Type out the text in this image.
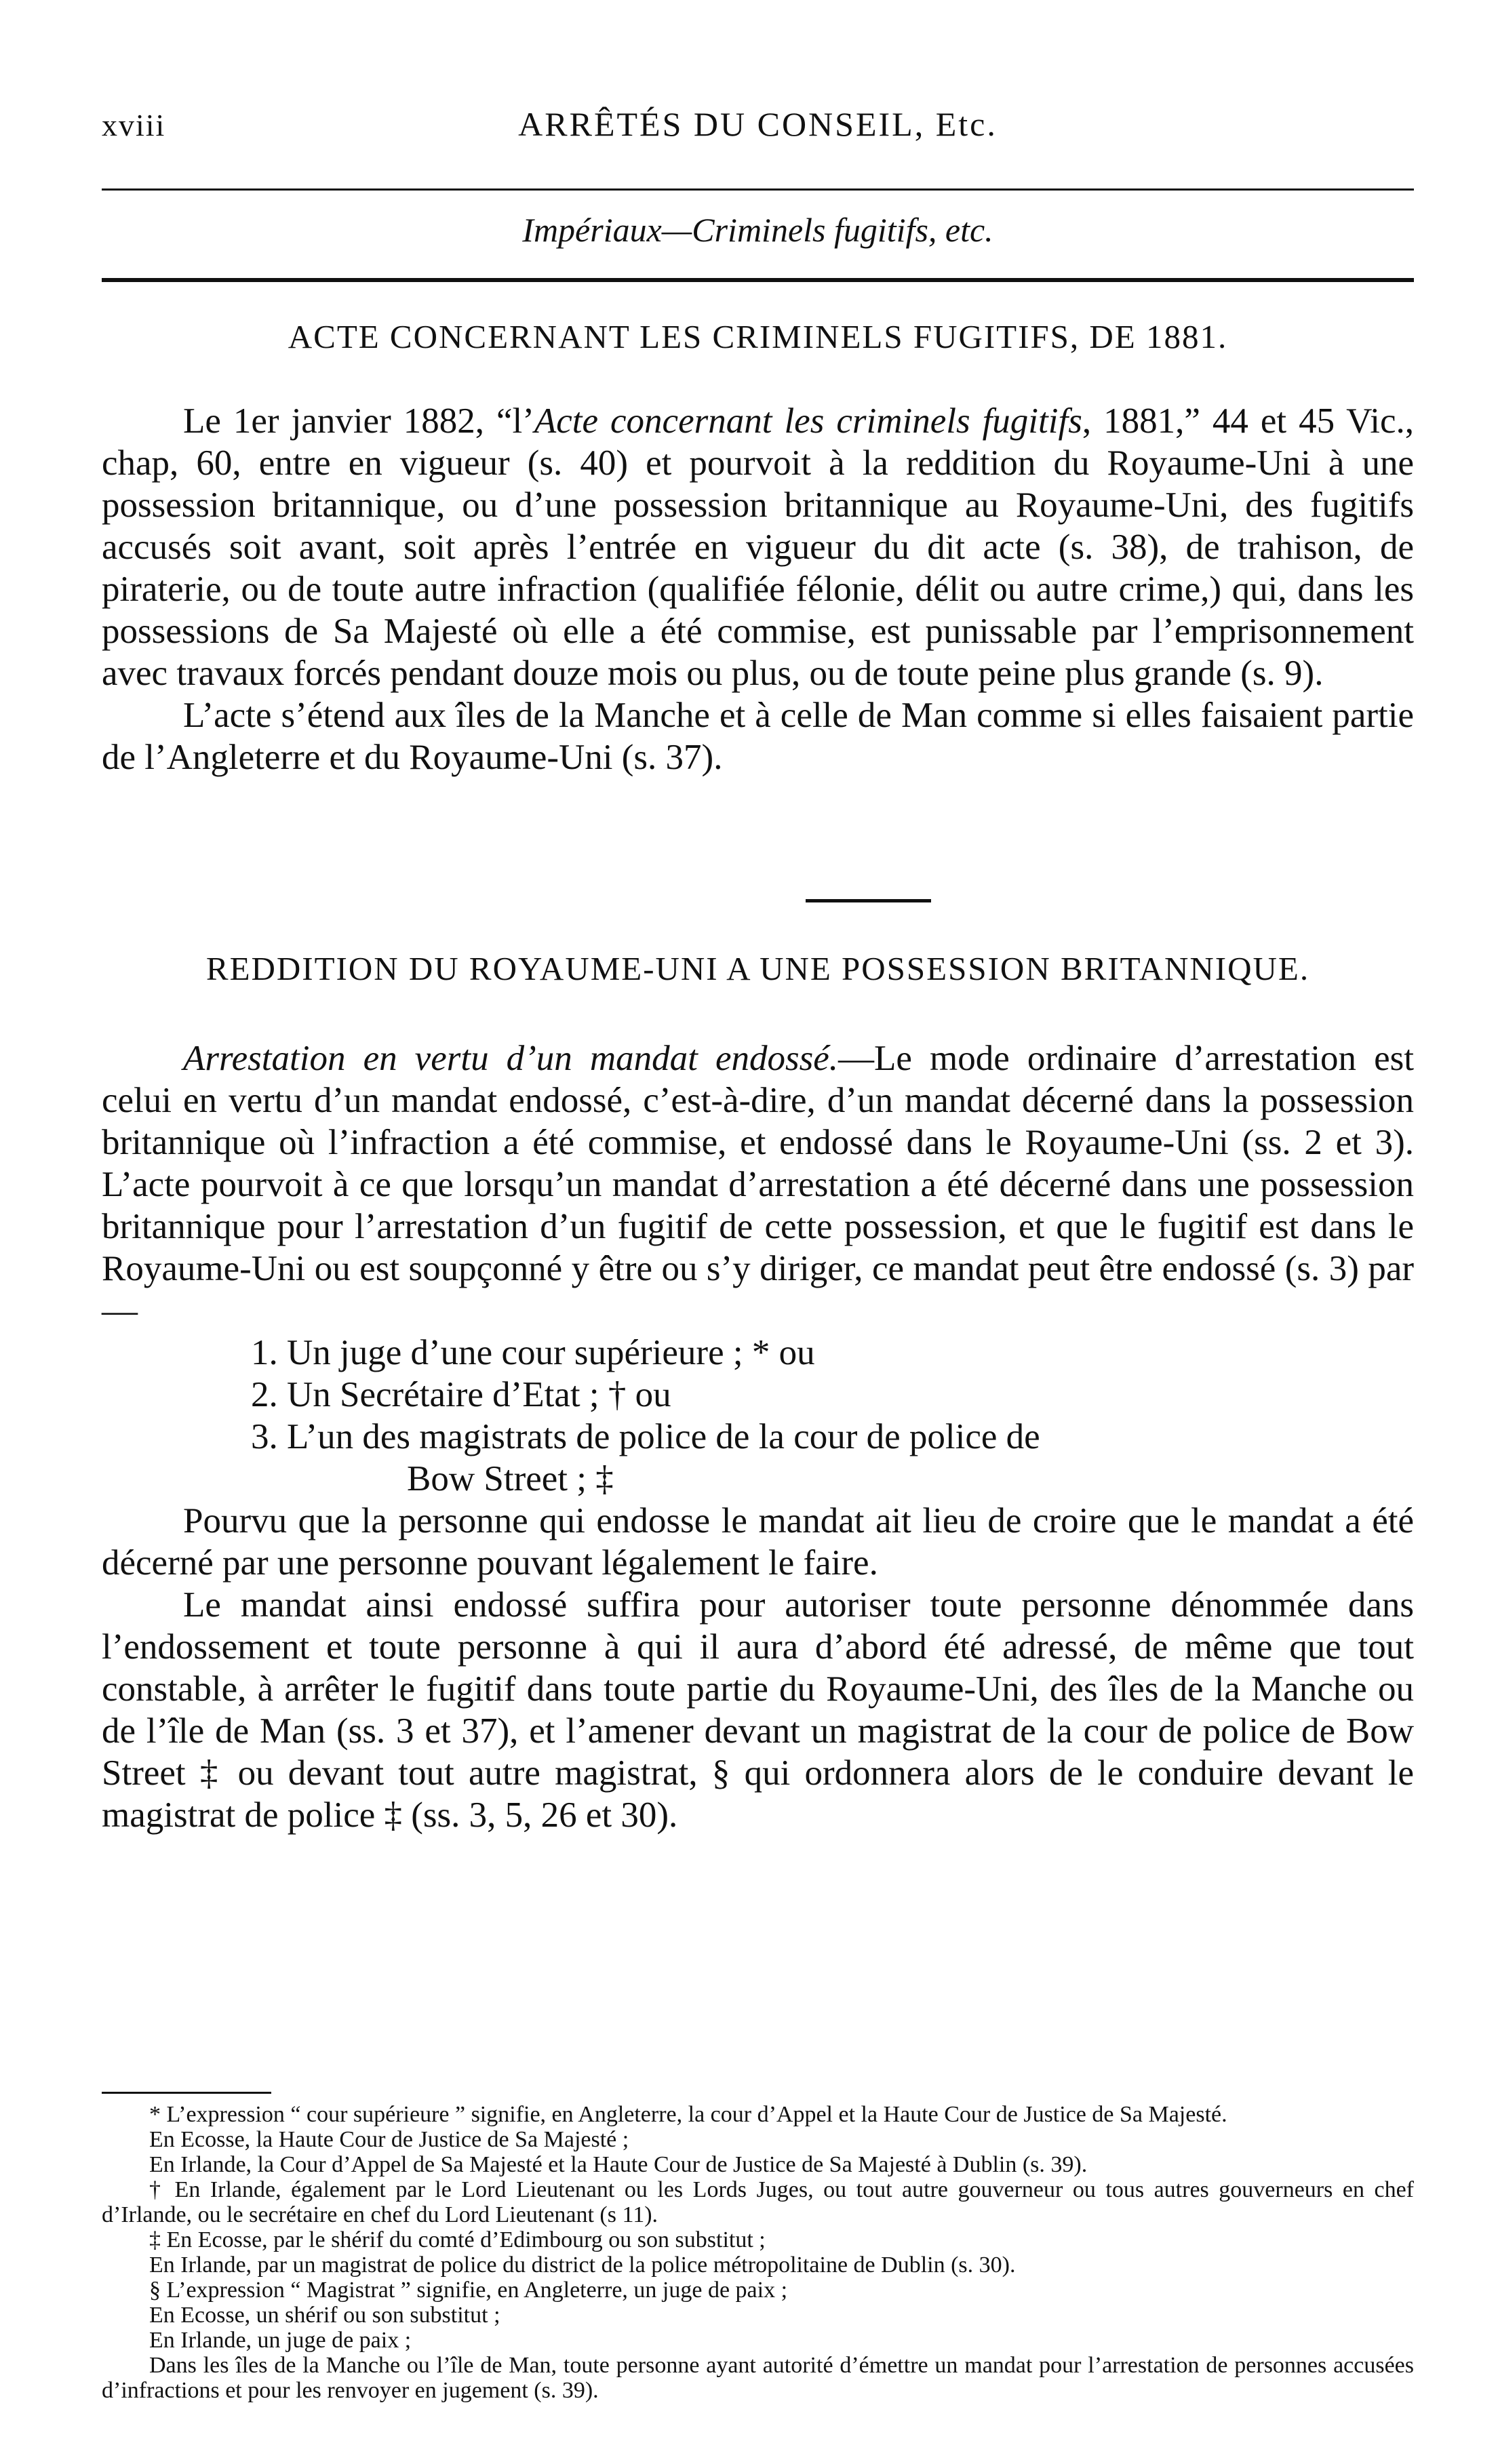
xviii	ARRÊTÉS DU CONSEIL, Etc.
Impériaux—Criminels fugitifs, etc.
ACTE CONCERNANT LES CRIMINELS FUGITIFS, DE 1881.

Le 1er janvier 1882, “l’Acte concernant les criminels fugitifs, 1881,” 44 et 45 Vic., chap, 60, entre en vigueur (s. 40) et pourvoit à la reddition du Royaume-Uni à une possession britannique, ou d’une possession britannique au Royaume-Uni, des fugitifs accusés soit avant, soit après l’entrée en vigueur du dit acte (s. 38), de trahison, de piraterie, ou de toute autre infraction (qualifiée félonie, délit ou autre crime,) qui, dans les possessions de Sa Majesté où elle a été commise, est punissable par l’emprisonnement avec travaux forcés pendant douze mois ou plus, ou de toute peine plus grande (s. 9).

L’acte s’étend aux îles de la Manche et à celle de Man comme si elles faisaient partie de l’Angleterre et du Royaume-Uni (s. 37).

REDDITION DU ROYAUME-UNI A UNE POSSESSION BRITANNIQUE.

Arrestation en vertu d’un mandat endossé.—Le mode ordinaire d’arrestation est celui en vertu d’un mandat endossé, c’est-à-dire, d’un mandat décerné dans la possession britannique où l’infraction a été commise, et endossé dans le Royaume-Uni (ss. 2 et 3). L’acte pourvoit à ce que lorsqu’un mandat d’arrestation a été décerné dans une possession britannique pour l’arrestation d’un fugitif de cette possession, et que le fugitif est dans le Royaume-Uni ou est soupçonné y être ou s’y diriger, ce mandat peut être endossé (s. 3) par—

1. Un juge d’une cour supérieure ; * ou
2. Un Secrétaire d’Etat ; † ou
3. L’un des magistrats de police de la cour de police de
Bow Street ; ‡

Pourvu que la personne qui endosse le mandat ait lieu de croire que le mandat a été décerné par une personne pouvant légalement le faire.

Le mandat ainsi endossé suffira pour autoriser toute personne dénommée dans l’endossement et toute personne à qui il aura d’abord été adressé, de même que tout constable, à arrêter le fugitif dans toute partie du Royaume-Uni, des îles de la Manche ou de l’île de Man (ss. 3 et 37), et l’amener devant un magistrat de la cour de police de Bow Street ‡ ou devant tout autre magistrat, § qui ordonnera alors de le conduire devant le magistrat de police ‡ (ss. 3, 5, 26 et 30).

* L’expression “ cour supérieure ” signifie, en Angleterre, la cour d’Appel et la Haute Cour de Justice de Sa Majesté.

En Ecosse, la Haute Cour de Justice de Sa Majesté ;

En Irlande, la Cour d’Appel de Sa Majesté et la Haute Cour de Justice de Sa Majesté à Dublin (s. 39).

† En Irlande, également par le Lord Lieutenant ou les Lords Juges, ou tout autre gouverneur ou tous autres gouverneurs en chef d’Irlande, ou le secrétaire en chef du Lord Lieutenant (s 11).

‡ En Ecosse, par le shérif du comté d’Edimbourg ou son substitut ;

En Irlande, par un magistrat de police du district de la police métropolitaine de Dublin (s. 30).

§ L’expression “ Magistrat ” signifie, en Angleterre, un juge de paix ;

En Ecosse, un shérif ou son substitut ;

En Irlande, un juge de paix ;

Dans les îles de la Manche ou l’île de Man, toute personne ayant autorité d’émettre un mandat pour l’arrestation de personnes accusées d’infractions et pour les renvoyer en jugement (s. 39).
